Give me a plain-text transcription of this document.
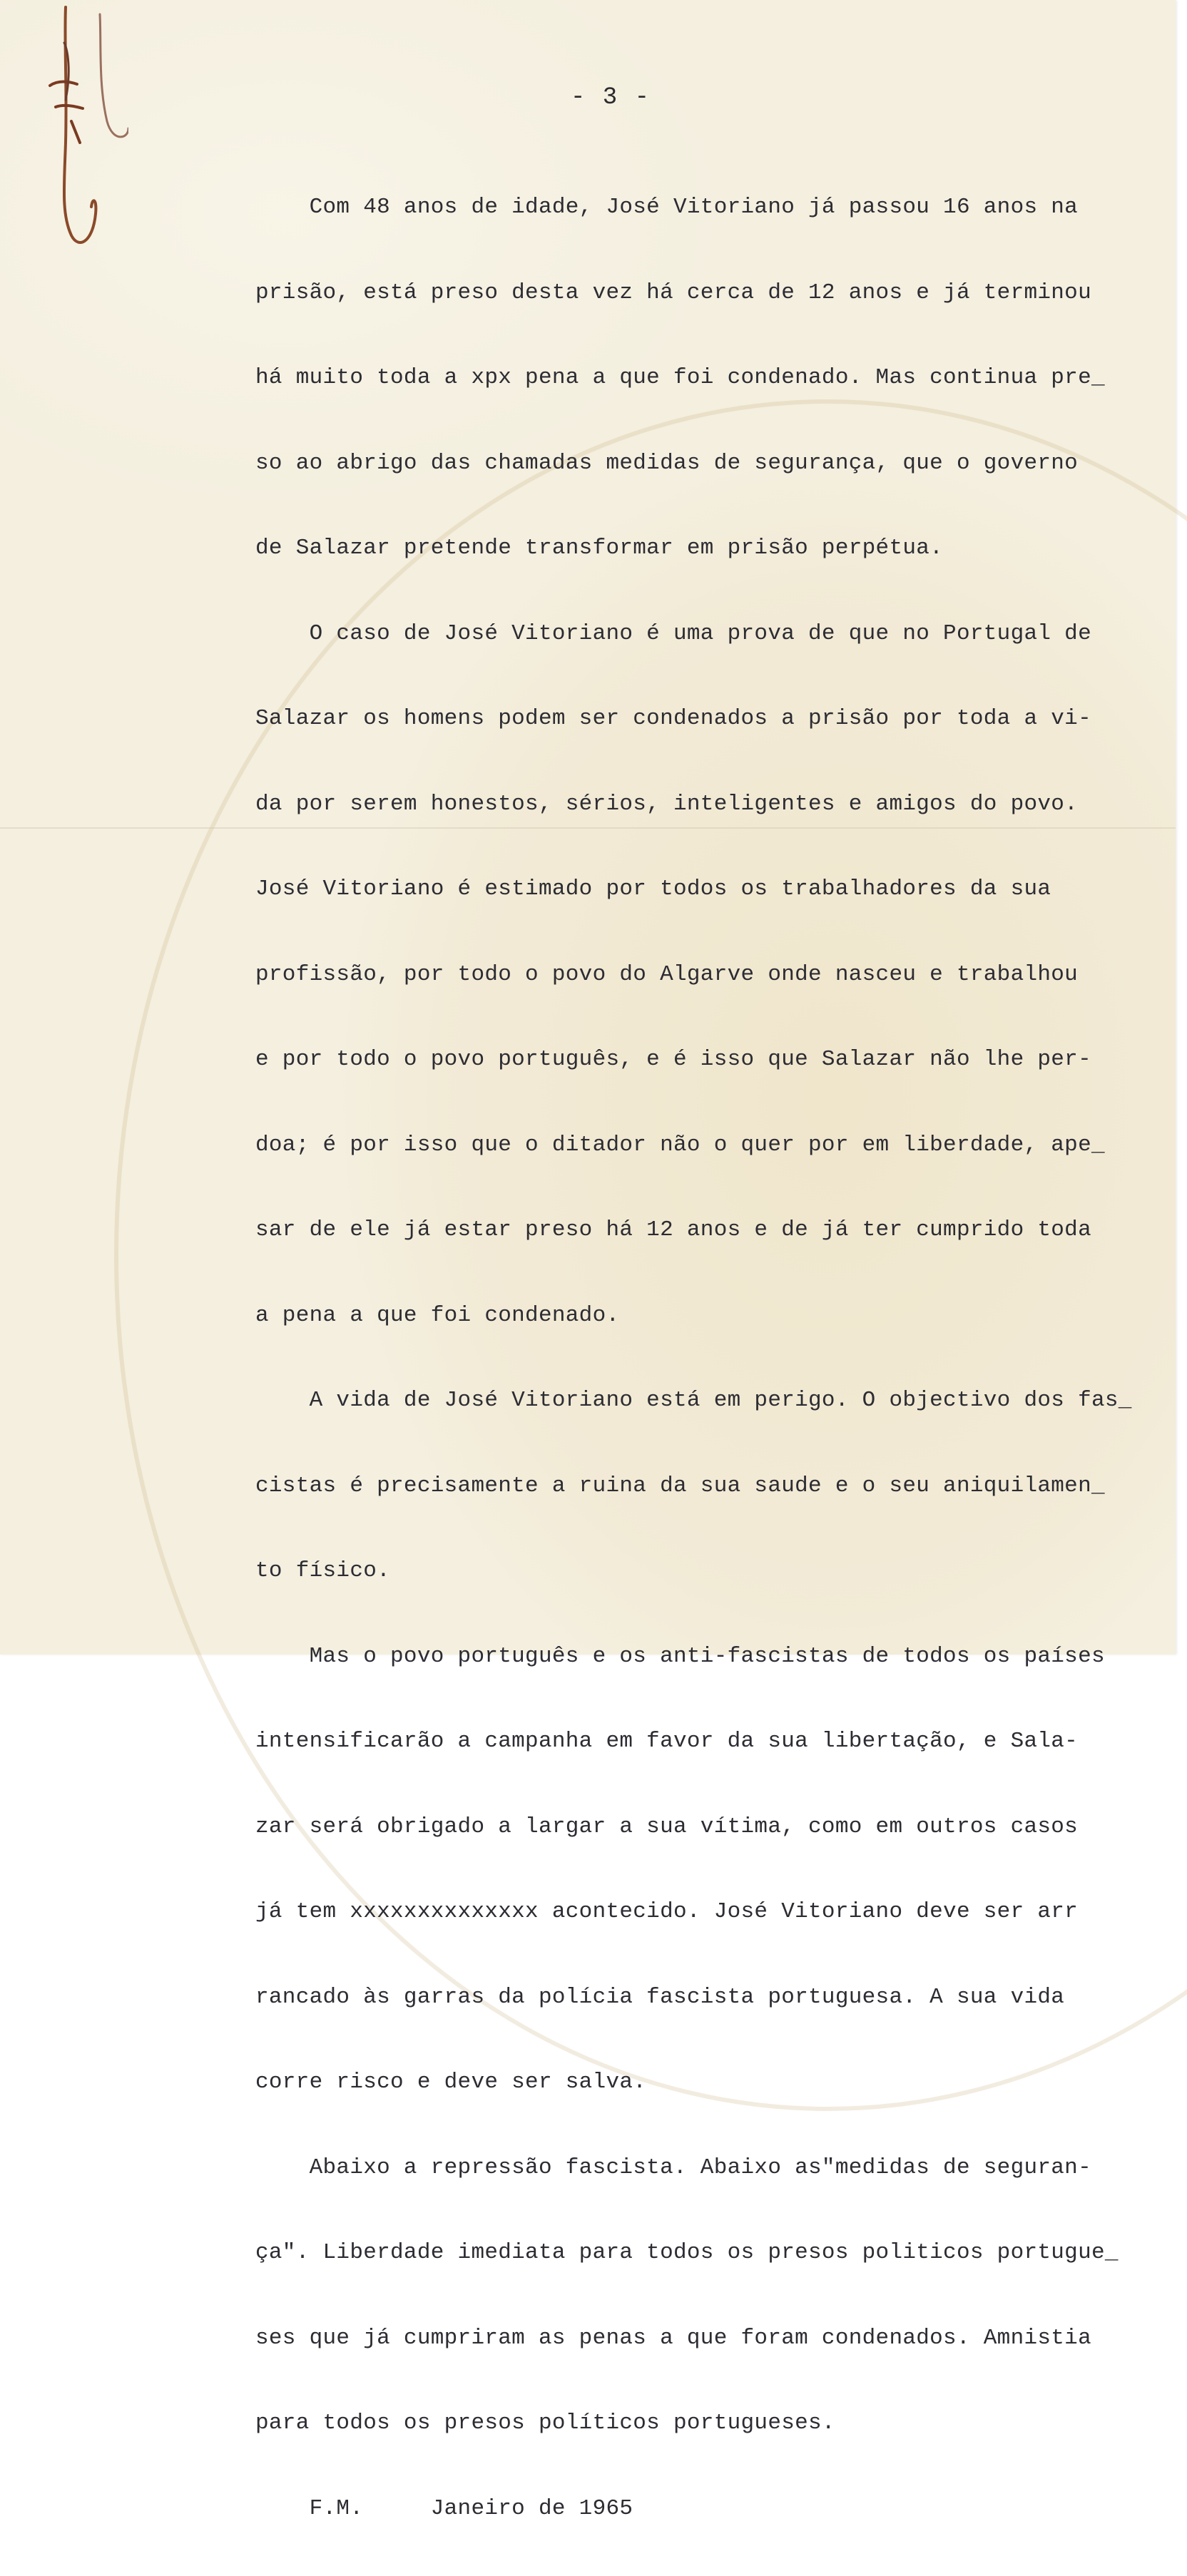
- 3 -

Com 48 anos de idade, José Vitoriano já passou 16 anos na

prisão, está preso desta vez há cerca de 12 anos e já terminou

há muito toda a xpx pena a que foi condenado. Mas continua pre_

so ao abrigo das chamadas medidas de segurança, que o governo

de Salazar pretende transformar em prisão perpétua.

O caso de José Vitoriano é uma prova de que no Portugal de

Salazar os homens podem ser condenados a prisão por toda a vi-

da por serem honestos, sérios, inteligentes e amigos do povo.

José Vitoriano é estimado por todos os trabalhadores da sua

profissão, por todo o povo do Algarve onde nasceu e trabalhou

e por todo o povo português, e é isso que Salazar não lhe per-

doa; é por isso que o ditador não o quer por em liberdade, ape_

sar de ele já estar preso há 12 anos e de já ter cumprido toda

a pena a que foi condenado.

A vida de José Vitoriano está em perigo. O objectivo dos fas_

cistas é precisamente a ruina da sua saude e o seu aniquilamen_

to físico.

Mas o povo português e os anti-fascistas de todos os países

intensificarão a campanha em favor da sua libertação, e Sala-

zar será obrigado a largar a sua vítima, como em outros casos

já tem xxxxxxxxxxxxxx acontecido. José Vitoriano deve ser arr

rancado às garras da polícia fascista portuguesa. A sua vida

corre risco e deve ser salva.

Abaixo a repressão fascista. Abaixo as"medidas de seguran-

ça". Liberdade imediata para todos os presos politicos portugue_

ses que já cumpriram as penas a que foram condenados. Amnistia

para todos os presos políticos portugueses.

F.M.     Janeiro de 1965
